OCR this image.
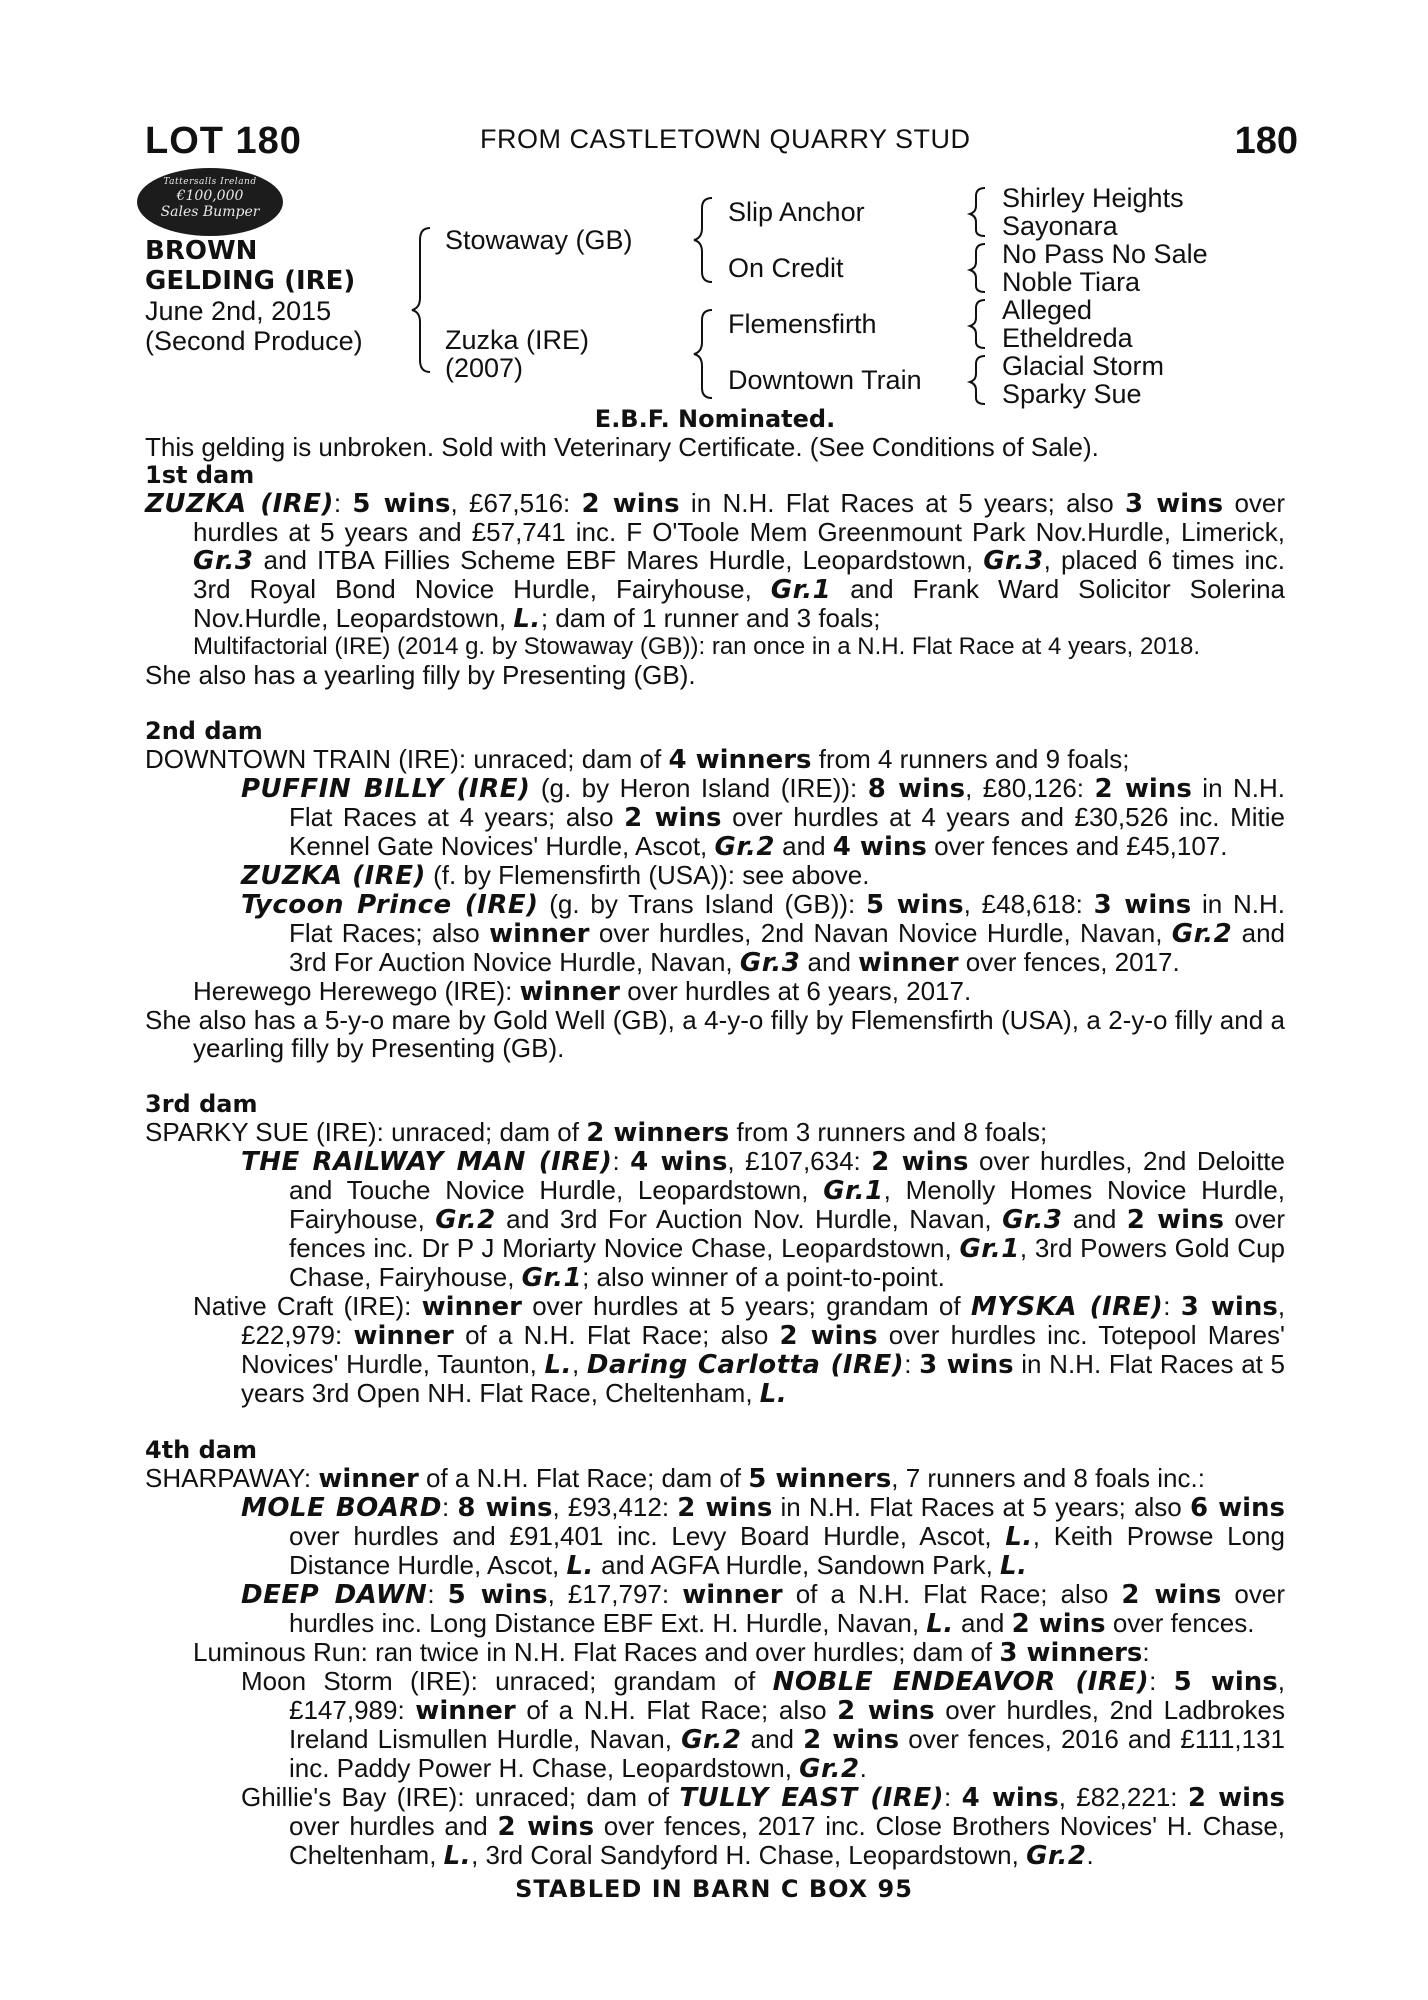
LOT 180	FROM CASTLETOWN QUARRY STUD	180
Tattersalls Ireland
€100,000
Sales Bumper
BROWN
GELDING (IRE)
June 2nd, 2015
(Second Produce)
Stowaway (GB)
Zuzka (IRE)
(2007)
Slip Anchor
On Credit
Flemensfirth
Downtown Train
Shirley Heights
Sayonara
No Pass No Sale
Noble Tiara
Alleged
Etheldreda
Glacial Storm
Sparky Sue

E.B.F. Nominated.

This gelding is unbroken. Sold with Veterinary Certificate. (See Conditions of Sale).

1st dam

ZUZKA (IRE): 5 wins, £67,516: 2 wins in N.H. Flat Races at 5 years; also 3 wins over hurdles at 5 years and £57,741 inc. F O'Toole Mem Greenmount Park Nov.Hurdle, Limerick, Gr.3 and ITBA Fillies Scheme EBF Mares Hurdle, Leopardstown, Gr.3, placed 6 times inc. 3rd Royal Bond Novice Hurdle, Fairyhouse, Gr.1 and Frank Ward Solicitor Solerina Nov.Hurdle, Leopardstown, L.; dam of 1 runner and 3 foals;

Multifactorial (IRE) (2014 g. by Stowaway (GB)): ran once in a N.H. Flat Race at 4 years, 2018.

She also has a yearling filly by Presenting (GB).

2nd dam

DOWNTOWN TRAIN (IRE): unraced; dam of 4 winners from 4 runners and 9 foals;

PUFFIN BILLY (IRE) (g. by Heron Island (IRE)): 8 wins, £80,126: 2 wins in N.H. Flat Races at 4 years; also 2 wins over hurdles at 4 years and £30,526 inc. Mitie Kennel Gate Novices' Hurdle, Ascot, Gr.2 and 4 wins over fences and £45,107.

ZUZKA (IRE) (f. by Flemensfirth (USA)): see above.

Tycoon Prince (IRE) (g. by Trans Island (GB)): 5 wins, £48,618: 3 wins in N.H. Flat Races; also winner over hurdles, 2nd Navan Novice Hurdle, Navan, Gr.2 and 3rd For Auction Novice Hurdle, Navan, Gr.3 and winner over fences, 2017.

Herewego Herewego (IRE): winner over hurdles at 6 years, 2017.

She also has a 5-y-o mare by Gold Well (GB), a 4-y-o filly by Flemensfirth (USA), a 2-y-o filly and a yearling filly by Presenting (GB).

3rd dam

SPARKY SUE (IRE): unraced; dam of 2 winners from 3 runners and 8 foals;

THE RAILWAY MAN (IRE): 4 wins, £107,634: 2 wins over hurdles, 2nd Deloitte and Touche Novice Hurdle, Leopardstown, Gr.1, Menolly Homes Novice Hurdle, Fairyhouse, Gr.2 and 3rd For Auction Nov. Hurdle, Navan, Gr.3 and 2 wins over fences inc. Dr P J Moriarty Novice Chase, Leopardstown, Gr.1, 3rd Powers Gold Cup Chase, Fairyhouse, Gr.1; also winner of a point-to-point.

Native Craft (IRE): winner over hurdles at 5 years; grandam of MYSKA (IRE): 3 wins, £22,979: winner of a N.H. Flat Race; also 2 wins over hurdles inc. Totepool Mares' Novices' Hurdle, Taunton, L., Daring Carlotta (IRE): 3 wins in N.H. Flat Races at 5 years 3rd Open NH. Flat Race, Cheltenham, L.

4th dam

SHARPAWAY: winner of a N.H. Flat Race; dam of 5 winners, 7 runners and 8 foals inc.:

MOLE BOARD: 8 wins, £93,412: 2 wins in N.H. Flat Races at 5 years; also 6 wins over hurdles and £91,401 inc. Levy Board Hurdle, Ascot, L., Keith Prowse Long Distance Hurdle, Ascot, L. and AGFA Hurdle, Sandown Park, L.

DEEP DAWN: 5 wins, £17,797: winner of a N.H. Flat Race; also 2 wins over hurdles inc. Long Distance EBF Ext. H. Hurdle, Navan, L. and 2 wins over fences.

Luminous Run: ran twice in N.H. Flat Races and over hurdles; dam of 3 winners:

Moon Storm (IRE): unraced; grandam of NOBLE ENDEAVOR (IRE): 5 wins, £147,989: winner of a N.H. Flat Race; also 2 wins over hurdles, 2nd Ladbrokes Ireland Lismullen Hurdle, Navan, Gr.2 and 2 wins over fences, 2016 and £111,131 inc. Paddy Power H. Chase, Leopardstown, Gr.2.

Ghillie's Bay (IRE): unraced; dam of TULLY EAST (IRE): 4 wins, £82,221: 2 wins over hurdles and 2 wins over fences, 2017 inc. Close Brothers Novices' H. Chase, Cheltenham, L., 3rd Coral Sandyford H. Chase, Leopardstown, Gr.2.

STABLED IN BARN C BOX 95
